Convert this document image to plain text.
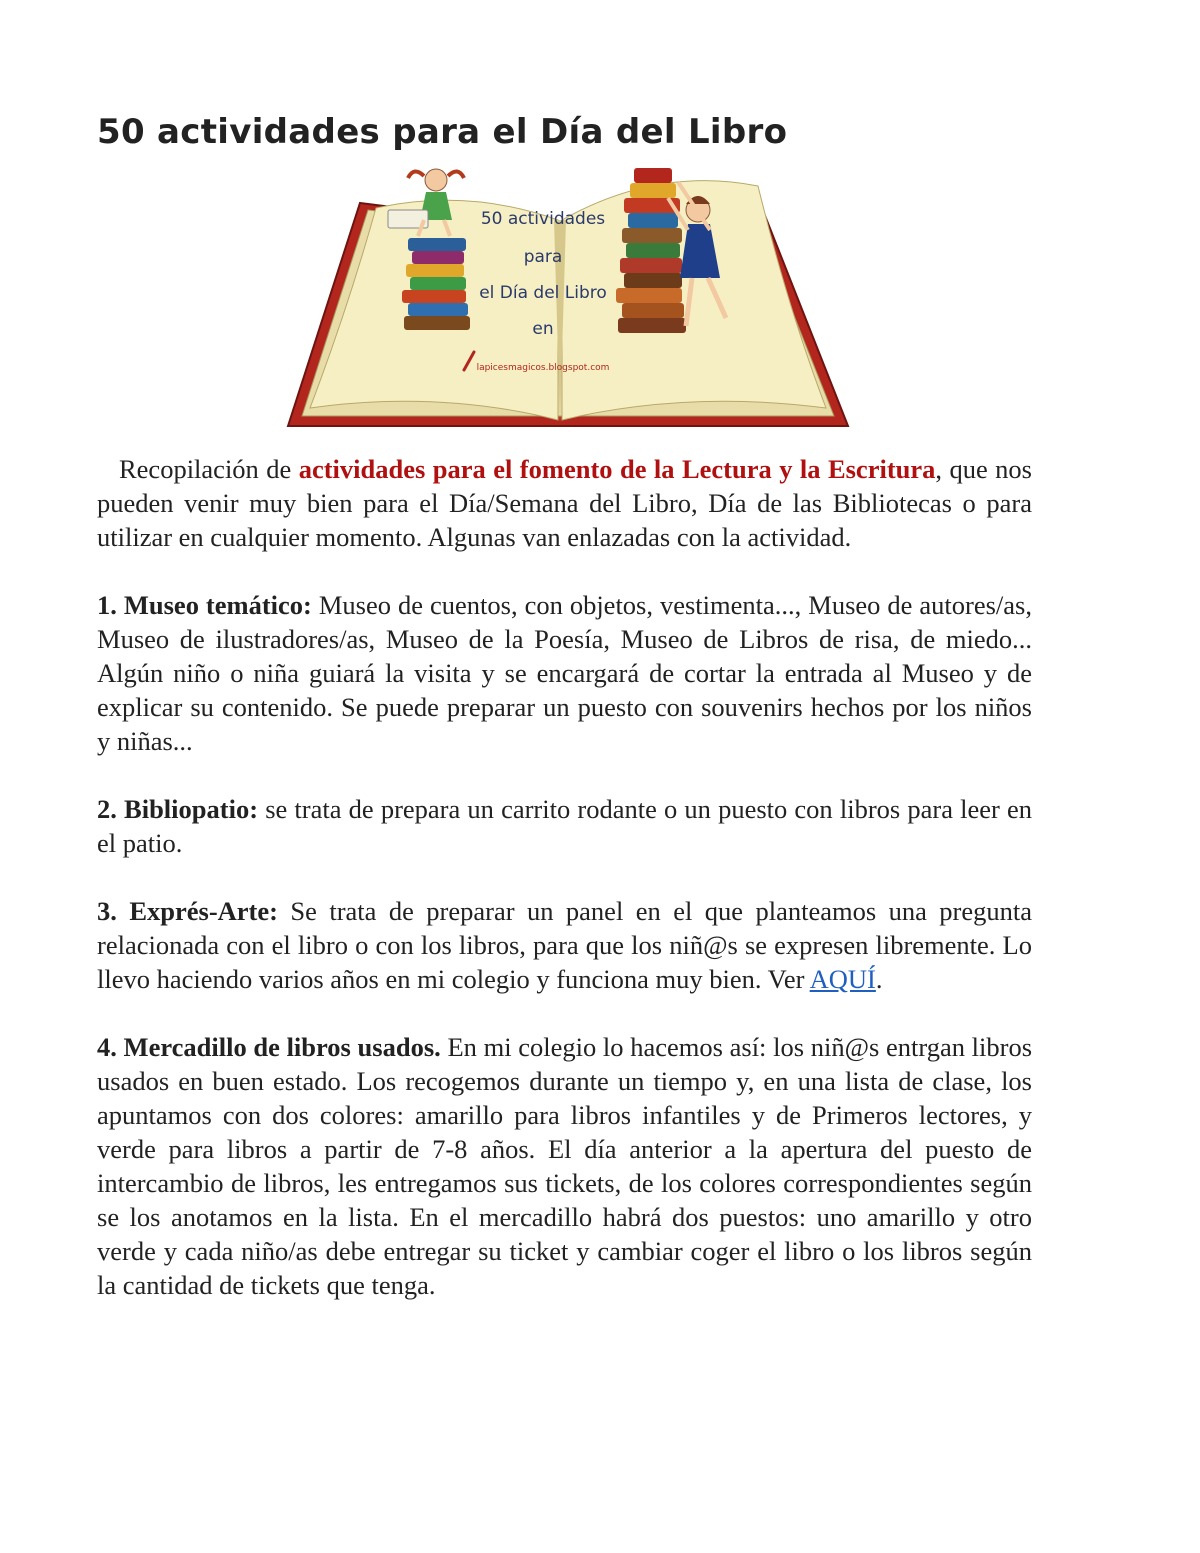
50 actividades para el Día del Libro
50 actividades
para
el Día del Libro
en
lapicesmagicos.blogspot.com

Recopilación de actividades para el fomento de la Lectura y la Escritura, que nos pueden venir muy bien para el Día/Semana del Libro, Día de las Bibliotecas o para utilizar en cualquier momento. Algunas van enlazadas con la actividad.

1. Museo temático: Museo de cuentos, con objetos, vestimenta..., Museo de autores/as, Museo de ilustradores/as, Museo de la Poesía, Museo de Libros de risa, de miedo... Algún niño o niña guiará la visita y se encargará de cortar la entrada al Museo y de explicar su contenido. Se puede preparar un puesto con souvenirs hechos por los niños y niñas...

2. Bibliopatio: se trata de prepara un carrito rodante o un puesto con libros para leer en el patio.

3. Exprés-Arte: Se trata de preparar un panel en el que planteamos una pregunta relacionada con el libro o con los libros, para que los niñ@s se expresen libremente. Lo llevo haciendo varios años en mi colegio y funciona muy bien. Ver AQUÍ.

4. Mercadillo de libros usados. En mi colegio lo hacemos así: los niñ@s entrgan libros usados en buen estado. Los recogemos durante un tiempo y, en una lista de clase, los apuntamos con dos colores: amarillo para libros infantiles y de Primeros lectores, y verde para libros a partir de 7-8 años. El día anterior a la apertura del puesto de intercambio de libros, les entregamos sus tickets, de los colores correspondientes según se los anotamos en la lista. En el mercadillo habrá dos puestos: uno amarillo y otro verde y cada niño/as debe entregar su ticket y cambiar coger el libro o los libros según la cantidad de tickets que tenga.
